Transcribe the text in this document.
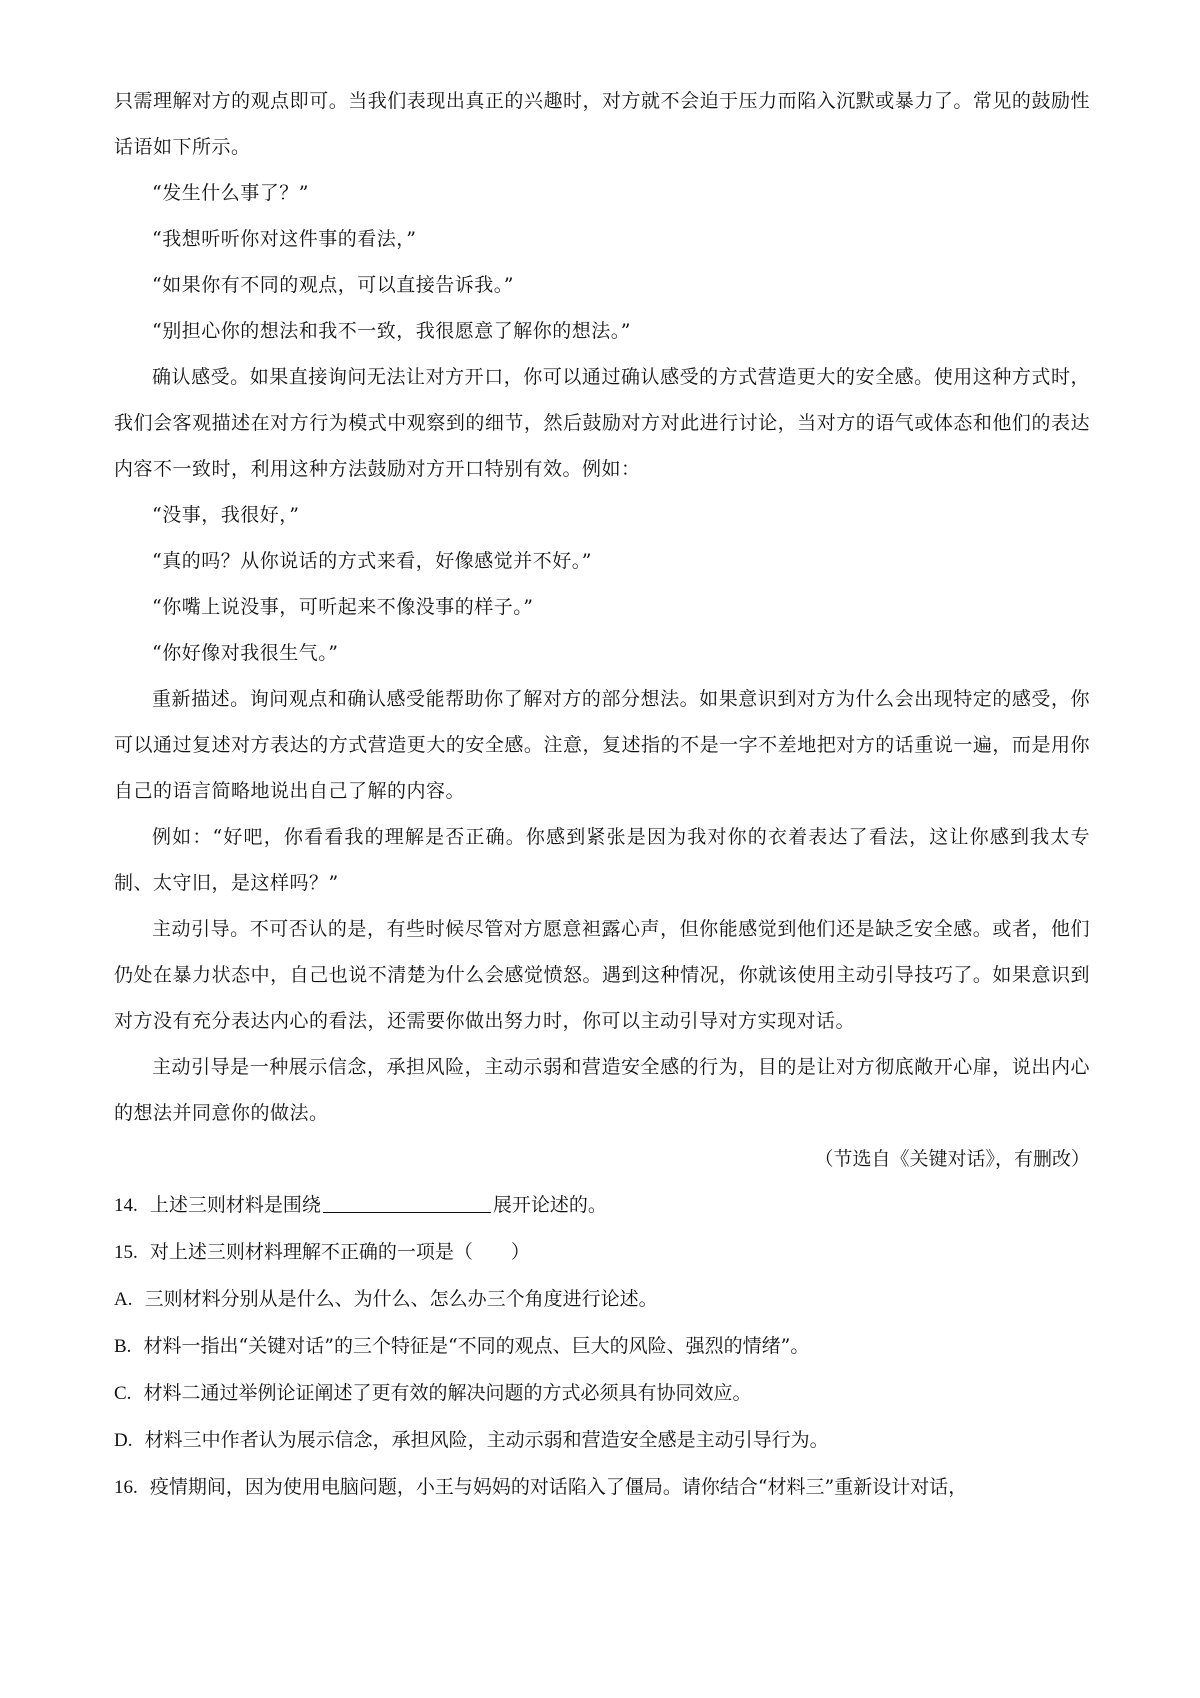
只需理解对方的观点即可。当我们表现出真正的兴趣时，对方就不会迫于压力而陷入沉默或暴力了。常见的鼓励性话语如下所示。

“发生什么事了？”

“我想听听你对这件事的看法，”

“如果你有不同的观点，可以直接告诉我。”

“别担心你的想法和我不一致，我很愿意了解你的想法。”

确认感受。如果直接询问无法让对方开口，你可以通过确认感受的方式营造更大的安全感。使用这种方式时，我们会客观描述在对方行为模式中观察到的细节，然后鼓励对方对此进行讨论，当对方的语气或体态和他们的表达内容不一致时，利用这种方法鼓励对方开口特别有效。例如：

“没事，我很好，”

“真的吗？从你说话的方式来看，好像感觉并不好。”

“你嘴上说没事，可听起来不像没事的样子。”

“你好像对我很生气。”

重新描述。询问观点和确认感受能帮助你了解对方的部分想法。如果意识到对方为什么会出现特定的感受，你可以通过复述对方表达的方式营造更大的安全感。注意，复述指的不是一字不差地把对方的话重说一遍，而是用你自己的语言简略地说出自己了解的内容。

例如：“好吧，你看看我的理解是否正确。你感到紧张是因为我对你的衣着表达了看法，这让你感到我太专制、太守旧，是这样吗？”

主动引导。不可否认的是，有些时候尽管对方愿意袒露心声，但你能感觉到他们还是缺乏安全感。或者，他们仍处在暴力状态中，自己也说不清楚为什么会感觉愤怒。遇到这种情况，你就该使用主动引导技巧了。如果意识到对方没有充分表达内心的看法，还需要你做出努力时，你可以主动引导对方实现对话。

主动引导是一种展示信念，承担风险，主动示弱和营造安全感的行为，目的是让对方彻底敞开心扉，说出内心的想法并同意你的做法。

（节选自《关键对话》，有删改）

14. 上述三则材料是围绕	展开论述的。

15. 对上述三则材料理解不正确的一项是（　　）

A. 三则材料分别从是什么、为什么、怎么办三个角度进行论述。

B. 材料一指出“关键对话”的三个特征是“不同的观点、巨大的风险、强烈的情绪”。

C. 材料二通过举例论证阐述了更有效的解决问题的方式必须具有协同效应。

D. 材料三中作者认为展示信念，承担风险，主动示弱和营造安全感是主动引导行为。

16. 疫情期间，因为使用电脑问题，小王与妈妈的对话陷入了僵局。请你结合“材料三”重新设计对话，
